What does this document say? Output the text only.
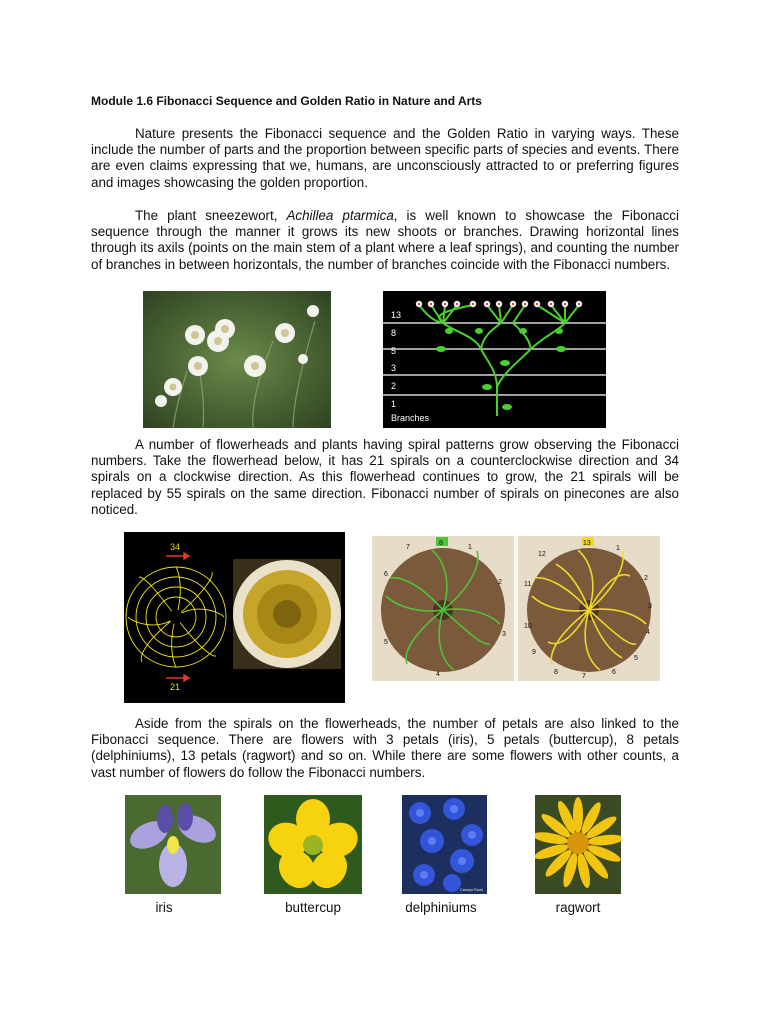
Module 1.6 Fibonacci Sequence and Golden Ratio in Nature and Arts

Nature presents the Fibonacci sequence and the Golden Ratio in varying ways. These include the number of parts and the proportion between specific parts of species and events. There are even claims expressing that we, humans, are unconsciously attracted to or preferring figures and images showcasing the golden proportion.

The plant sneezewort, Achillea ptarmica, is well known to showcase the Fibonacci sequence through the manner it grows its new shoots or branches. Drawing horizontal lines through its axils (points on the main stem of a plant where a leaf springs), and counting the number of branches in between horizontals, the number of branches coincide with the Fibonacci numbers.

13
8
5
3
2
1
Branches

A number of flowerheads and plants having spiral patterns grow observing the Fibonacci numbers. Take the flowerhead below, it has 21 spirals on a counterclockwise direction and 34 spirals on a clockwise direction. As this flowerhead continues to grow, the 21 spirals will be replaced by 55 spirals on the same direction. Fibonacci number of spirals on pinecones are also noticed.

34
21
8	13
7	1
2
6
3
5
4
12
1
2
11
3
4
10
5
6
7
9
8

Aside from the spirals on the flowerheads, the number of petals are also linked to the Fibonacci sequence. There are flowers with 3 petals (iris), 5 petals (buttercup), 8 petals (delphiniums), 13 petals (ragwort) and so on. While there are some flowers with other counts, a vast number of flowers do follow the Fibonacci numbers.

iris	buttercup
Carolyn Rook
delphiniums	ragwort
